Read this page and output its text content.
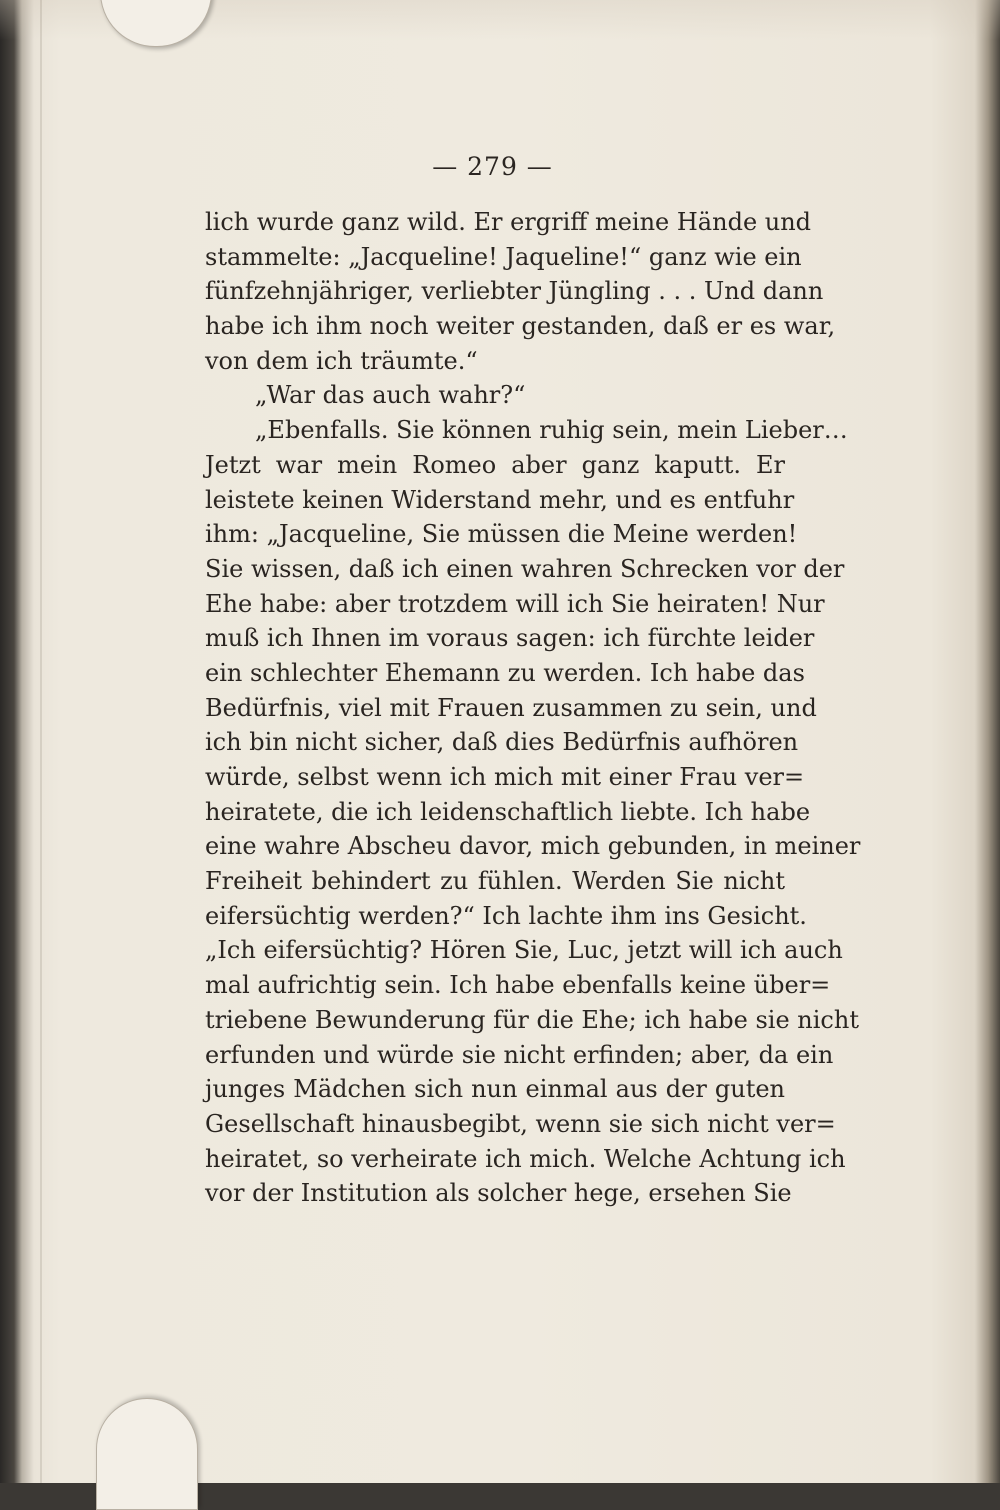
— 279 —
lich wurde ganz wild. Er ergriff meine Hände und
stammelte: „Jacqueline! Jaqueline!“ ganz wie ein
fünfzehnjähriger, verliebter Jüngling . . . Und dann
habe ich ihm noch weiter gestanden, daß er es war,
von dem ich träumte.“
„War das auch wahr?“
„Ebenfalls. Sie können ruhig sein, mein Lieber…
Jetzt war mein Romeo aber ganz kaputt. Er
leistete keinen Widerstand mehr, und es entfuhr
ihm: „Jacqueline, Sie müssen die Meine werden!
Sie wissen, daß ich einen wahren Schrecken vor der
Ehe habe: aber trotzdem will ich Sie heiraten! Nur
muß ich Ihnen im voraus sagen: ich fürchte leider
ein schlechter Ehemann zu werden. Ich habe das
Bedürfnis, viel mit Frauen zusammen zu sein, und
ich bin nicht sicher, daß dies Bedürfnis aufhören
würde, selbst wenn ich mich mit einer Frau ver=
heiratete, die ich leidenschaftlich liebte. Ich habe
eine wahre Abscheu davor, mich gebunden, in meiner
Freiheit behindert zu fühlen. Werden Sie nicht
eifersüchtig werden?“ Ich lachte ihm ins Gesicht.
„Ich eifersüchtig? Hören Sie, Luc, jetzt will ich auch
mal aufrichtig sein. Ich habe ebenfalls keine über=
triebene Bewunderung für die Ehe; ich habe sie nicht
erfunden und würde sie nicht erfinden; aber, da ein
junges Mädchen sich nun einmal aus der guten
Gesellschaft hinausbegibt, wenn sie sich nicht ver=
heiratet, so verheirate ich mich. Welche Achtung ich
vor der Institution als solcher hege, ersehen Sie
